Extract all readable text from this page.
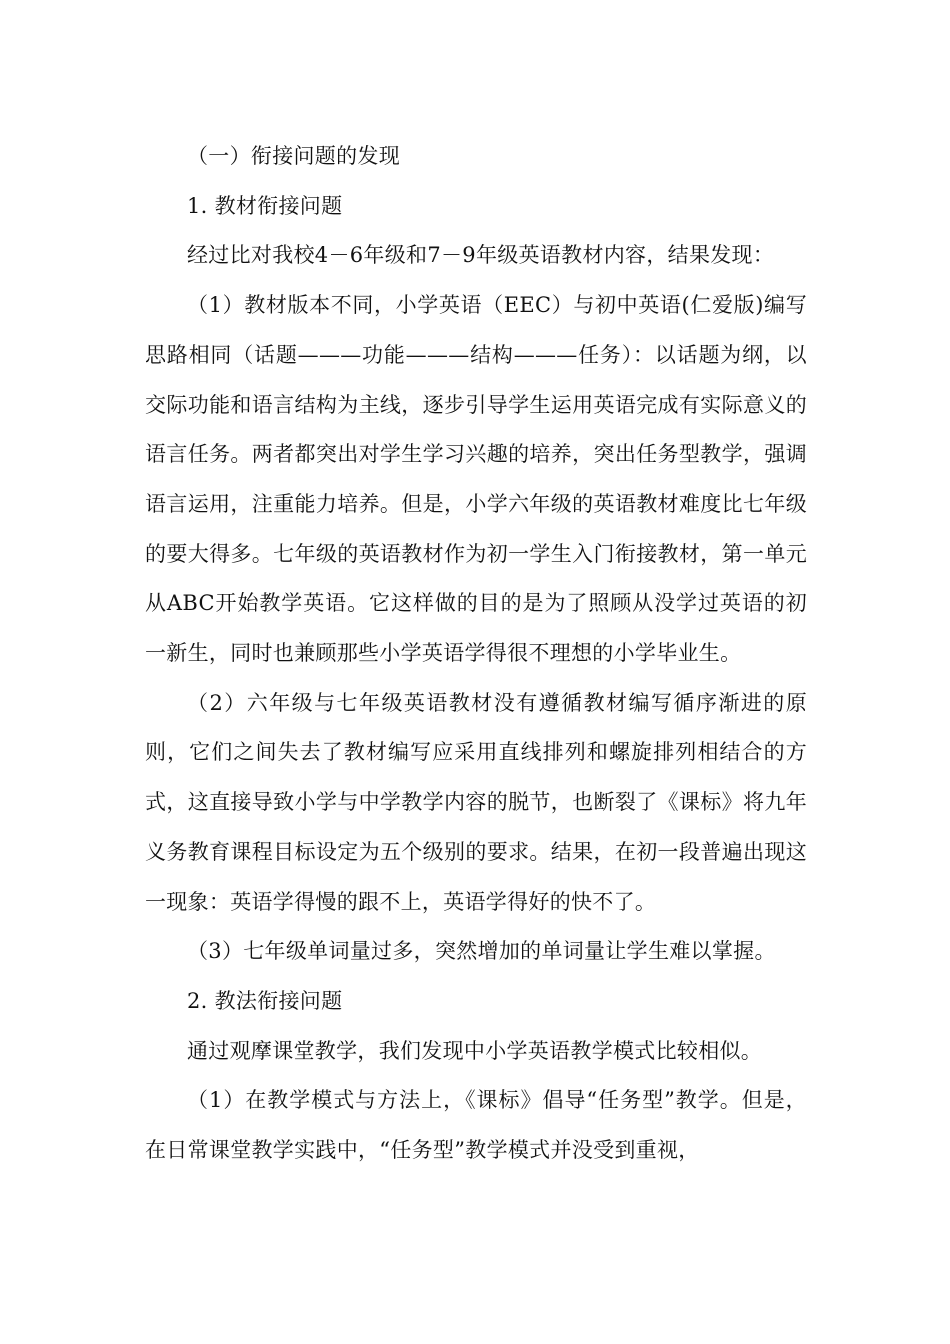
（一）衔接问题的发现

1. 教材衔接问题

经过比对我校4－6年级和7－9年级英语教材内容，结果发现：

（1）教材版本不同，小学英语（EEC）与初中英语(仁爱版)编写思路相同（话题———功能———结构———任务）：以话题为纲，以交际功能和语言结构为主线，逐步引导学生运用英语完成有实际意义的语言任务。两者都突出对学生学习兴趣的培养，突出任务型教学，强调语言运用，注重能力培养。但是，小学六年级的英语教材难度比七年级的要大得多。七年级的英语教材作为初一学生入门衔接教材，第一单元从ABC开始教学英语。它这样做的目的是为了照顾从没学过英语的初一新生，同时也兼顾那些小学英语学得很不理想的小学毕业生。

（2）六年级与七年级英语教材没有遵循教材编写循序渐进的原则，它们之间失去了教材编写应采用直线排列和螺旋排列相结合的方式，这直接导致小学与中学教学内容的脱节，也断裂了《课标》将九年义务教育课程目标设定为五个级别的要求。结果，在初一段普遍出现这一现象：英语学得慢的跟不上，英语学得好的快不了。

（3）七年级单词量过多，突然增加的单词量让学生难以掌握。

2. 教法衔接问题

通过观摩课堂教学，我们发现中小学英语教学模式比较相似。

（1）在教学模式与方法上，《课标》倡导“任务型”教学。但是，在日常课堂教学实践中，“任务型”教学模式并没受到重视，
